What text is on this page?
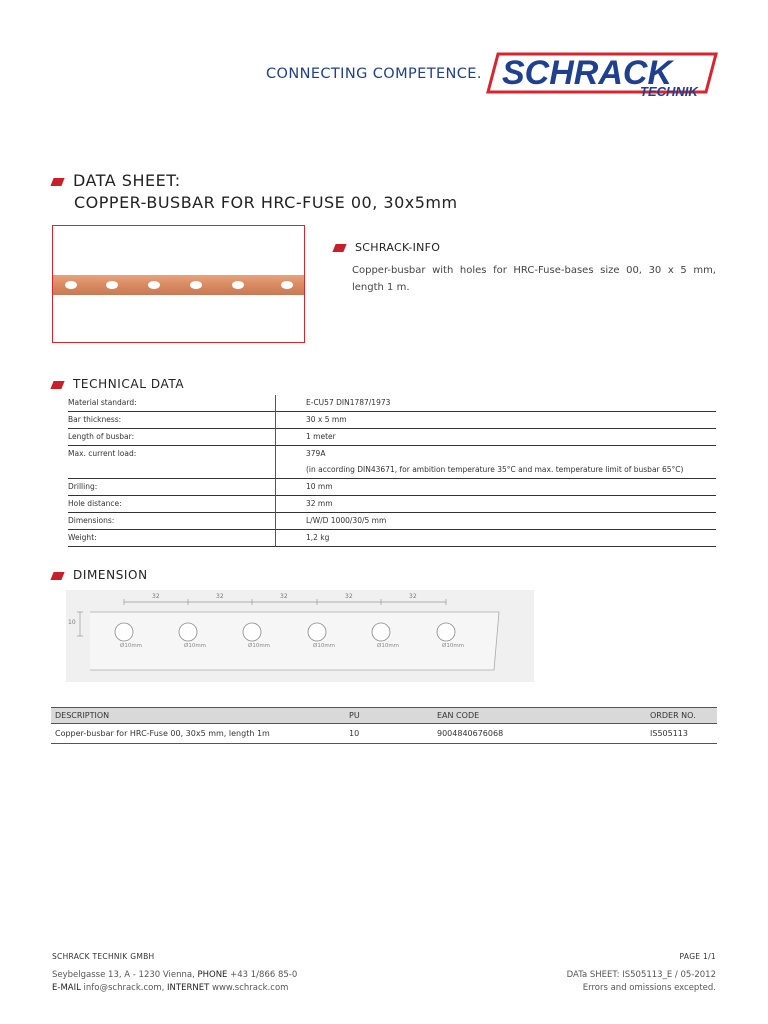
CONNECTING COMPETENCE. SCHRACK
TECHNIK
DATA SHEET:
COPPER-BUSBAR FOR HRC-FUSE 00, 30x5mm
SCHRACK-INFO
Copper-busbar with holes for HRC-Fuse-bases size 00, 30 x 5 mm, length 1 m.
TECHNICAL DATA
Material standard:	E-CU57 DIN1787/1973
Bar thickness:	30 x 5 mm
Length of busbar:	1 meter
Max. current load:	379A
	(in according DIN43671, for ambition temperature 35°C and max. temperature limit of busbar 65°C)
Drilling:	10 mm
Hole distance:	32 mm
Dimensions:	L/W/D 1000/30/5 mm
Weight:	1,2 kg
DIMENSION
32	32	32	32	32
10
Ø10mm	Ø10mm	Ø10mm	Ø10mm	Ø10mm	Ø10mm
DESCRIPTION	PU	EAN CODE	ORDER NO.
Copper-busbar for HRC-Fuse 00, 30x5 mm, length 1m	10	9004840676068	IS505113
SCHRACK TECHNIK GMBH
Seybelgasse 13, A - 1230 Vienna, PHONE +43 1/866 85-0
E-MAIL info@schrack.com, INTERNET www.schrack.com
PAGE 1/1
DATa SHEET: IS505113_E / 05-2012
Errors and omissions excepted.
